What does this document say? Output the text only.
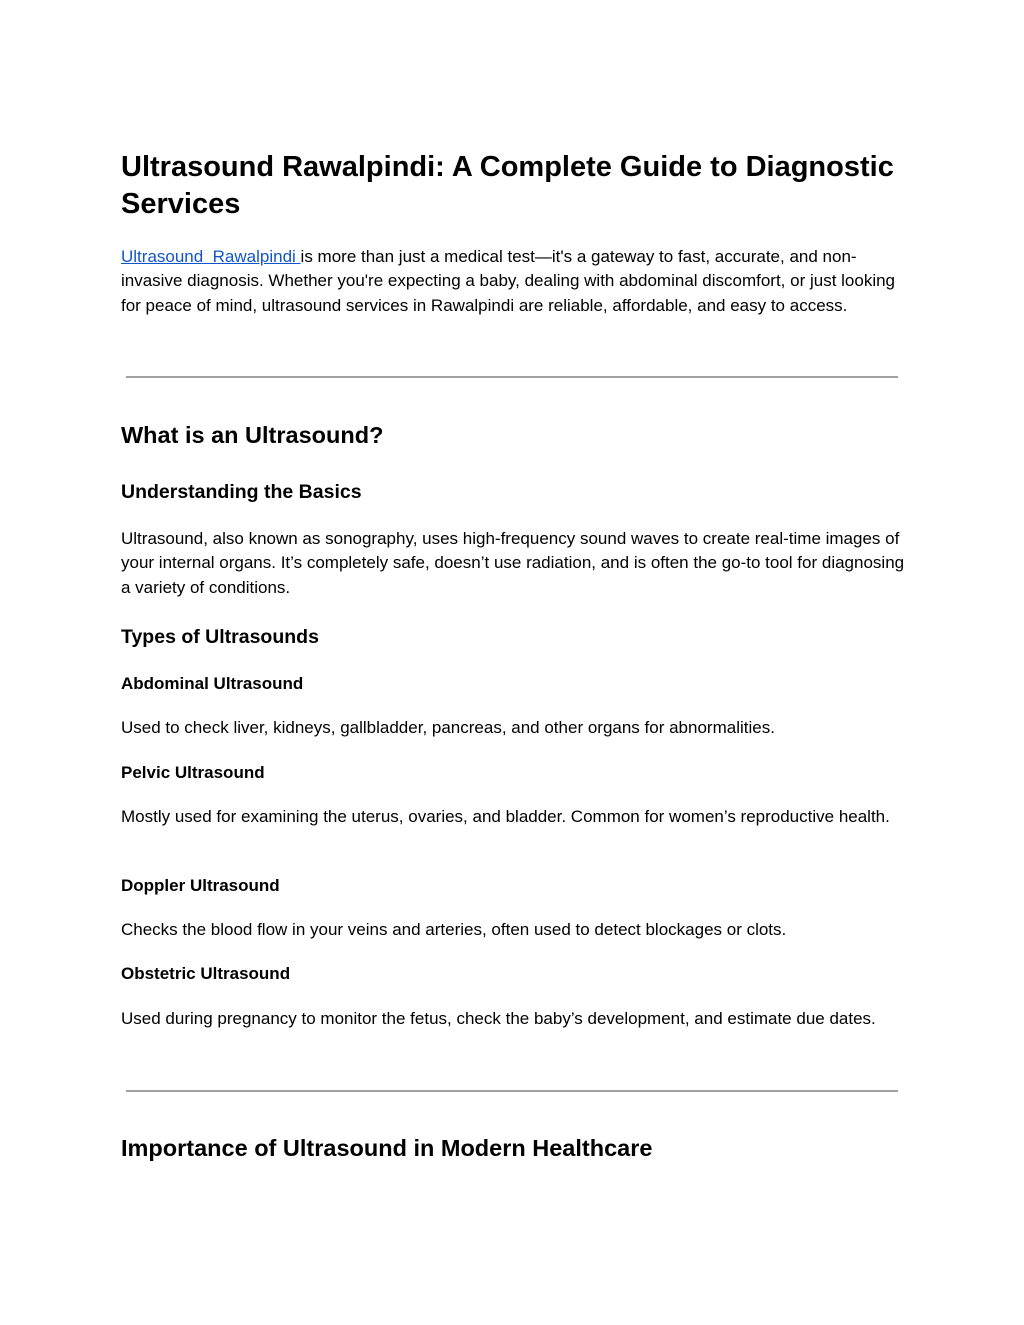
Ultrasound Rawalpindi: A Complete Guide to Diagnostic Services

Ultrasound  Rawalpindi is more than just a medical test—it's a gateway to fast, accurate, and non-invasive diagnosis. Whether you're expecting a baby, dealing with abdominal discomfort, or just looking for peace of mind, ultrasound services in Rawalpindi are reliable, affordable, and easy to access.

What is an Ultrasound?
Understanding the Basics

Ultrasound, also known as sonography, uses high-frequency sound waves to create real-time images of your internal organs. It’s completely safe, doesn’t use radiation, and is often the go-to tool for diagnosing a variety of conditions.

Types of Ultrasounds
Abdominal Ultrasound

Used to check liver, kidneys, gallbladder, pancreas, and other organs for abnormalities.

Pelvic Ultrasound

Mostly used for examining the uterus, ovaries, and bladder. Common for women’s reproductive health.

Doppler Ultrasound

Checks the blood flow in your veins and arteries, often used to detect blockages or clots.

Obstetric Ultrasound

Used during pregnancy to monitor the fetus, check the baby’s development, and estimate due dates.

Importance of Ultrasound in Modern Healthcare
